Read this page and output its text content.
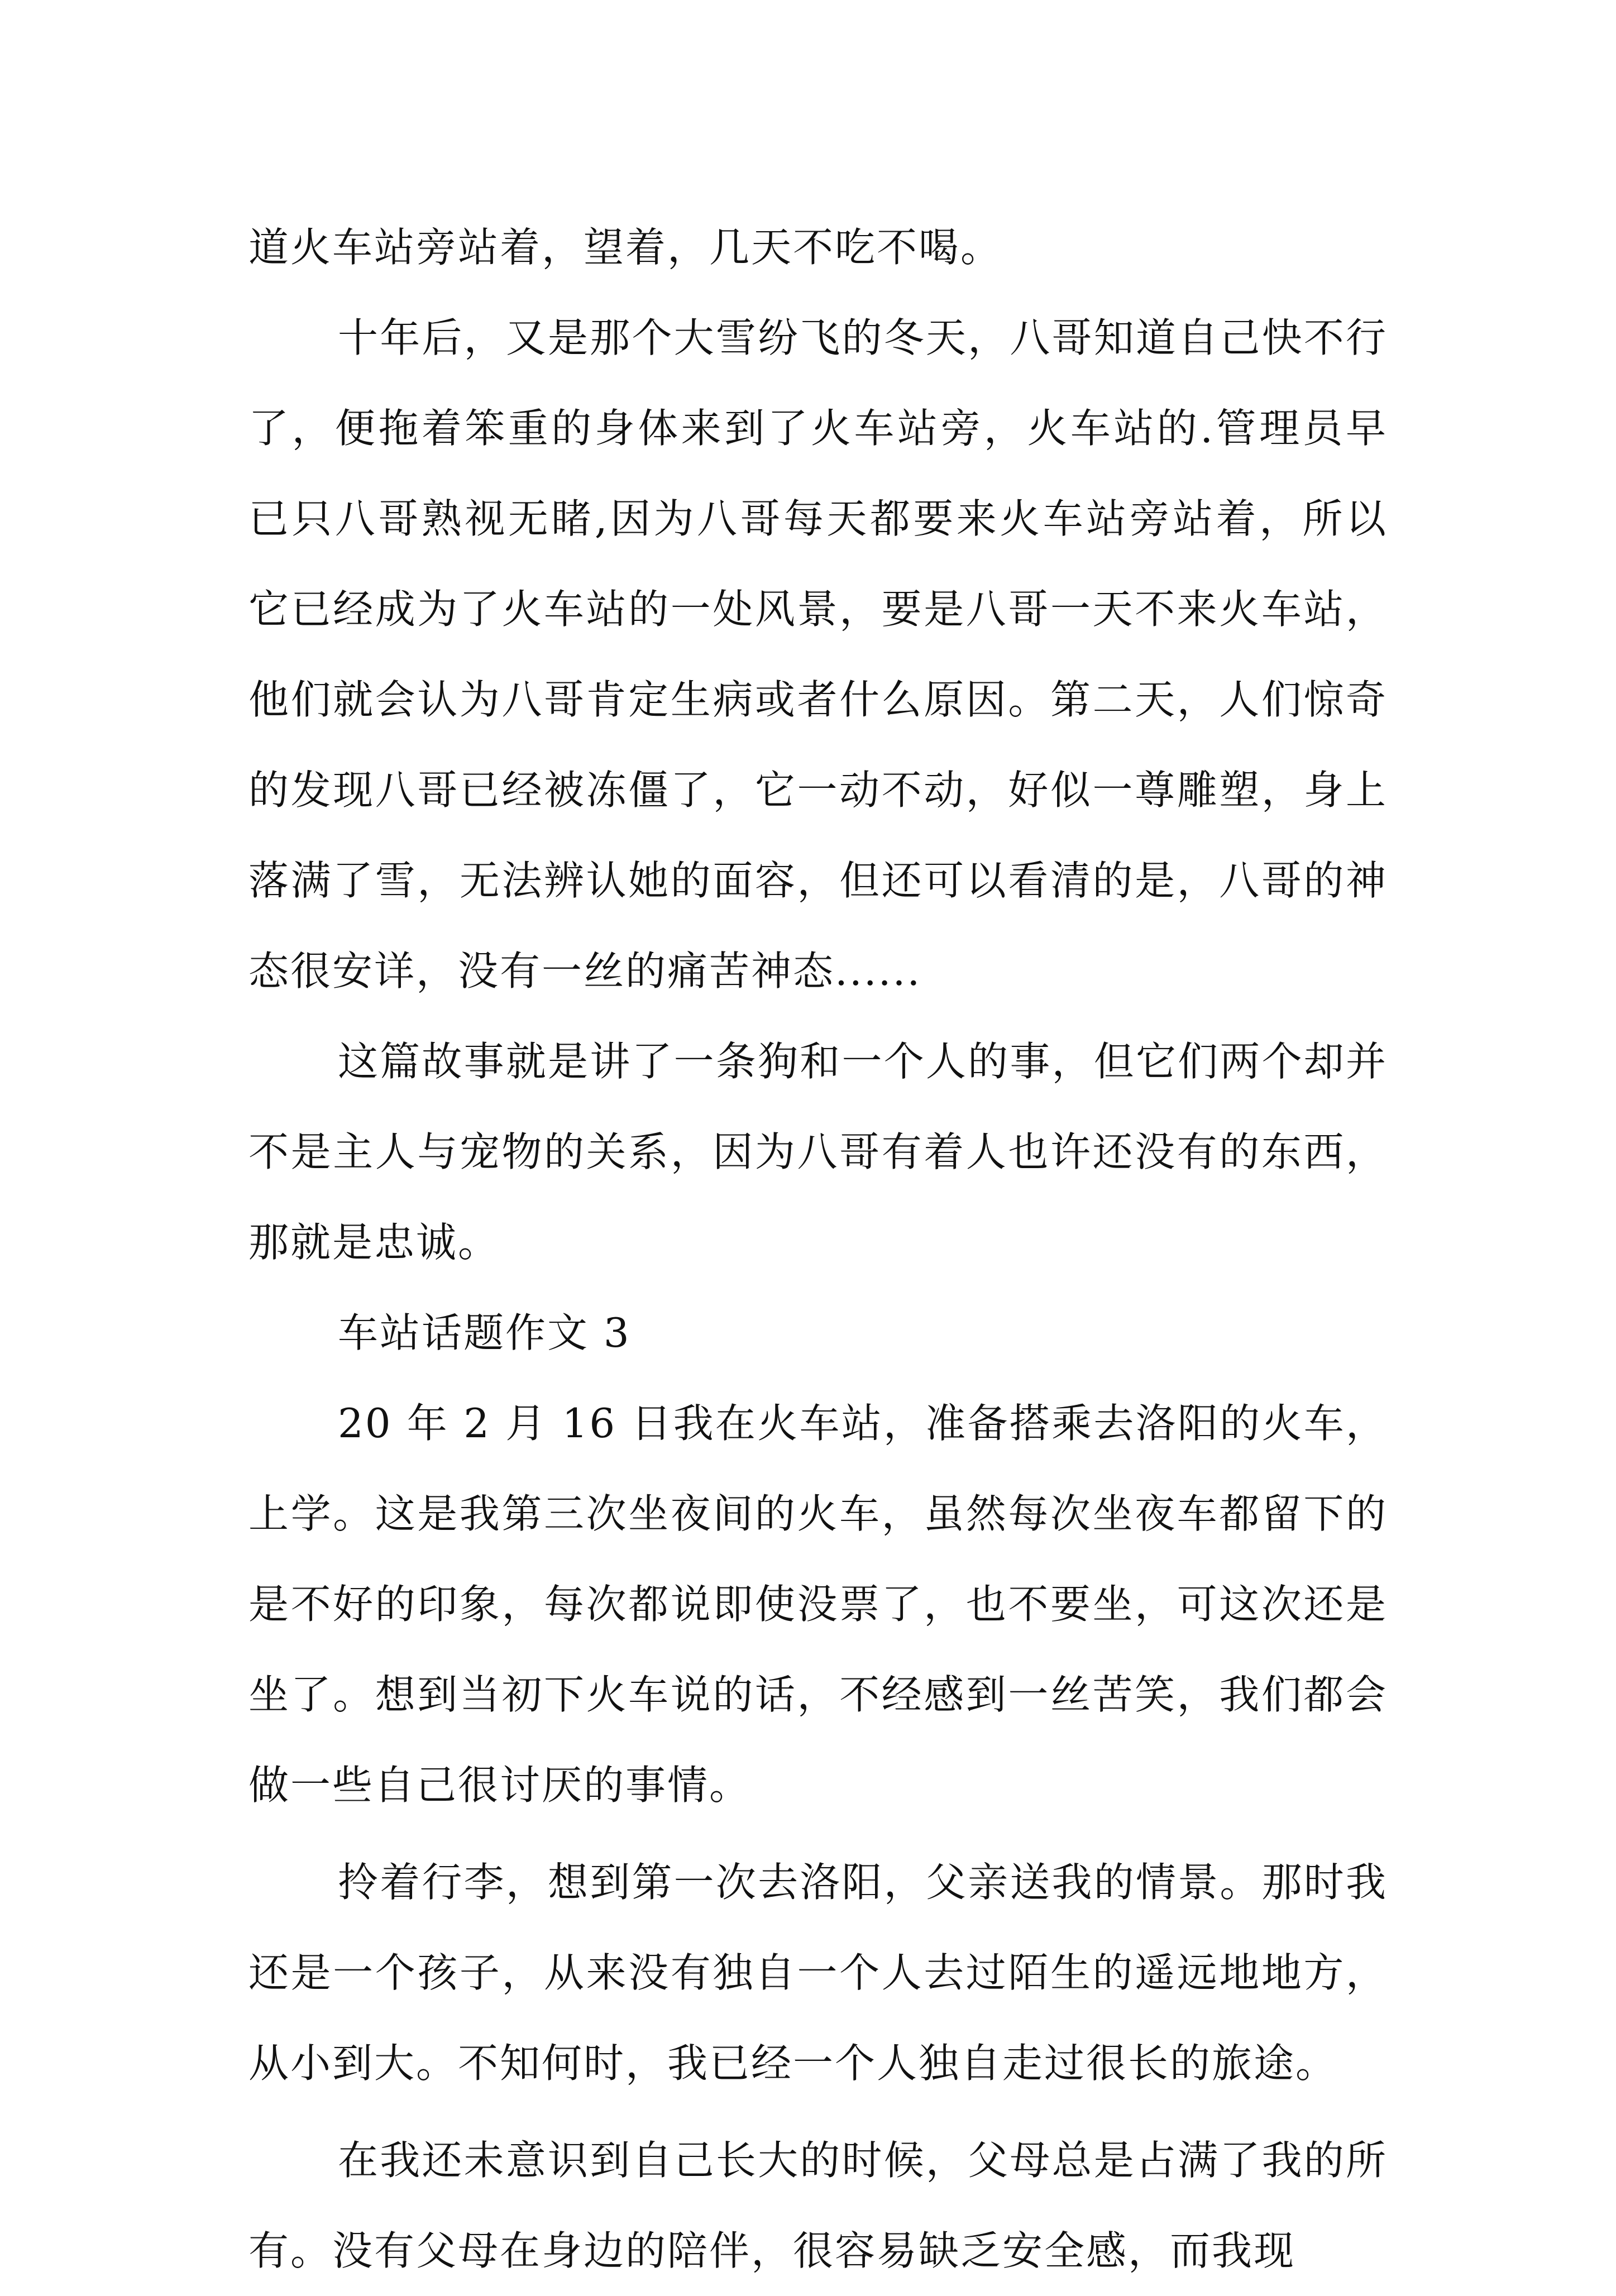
道火车站旁站着，望着，几天不吃不喝。

十年后，又是那个大雪纷飞的冬天，八哥知道自己快不行了，便拖着笨重的身体来到了火车站旁，火车站的.管理员早已只八哥熟视无睹,因为八哥每天都要来火车站旁站着，所以它已经成为了火车站的一处风景，要是八哥一天不来火车站，他们就会认为八哥肯定生病或者什么原因。第二天，人们惊奇的发现八哥已经被冻僵了，它一动不动，好似一尊雕塑，身上落满了雪，无法辨认她的面容，但还可以看清的是，八哥的神态很安详，没有一丝的痛苦神态......

这篇故事就是讲了一条狗和一个人的事，但它们两个却并不是主人与宠物的关系，因为八哥有着人也许还没有的东西，那就是忠诚。

车站话题作文 3

20 年 2 月 16 日我在火车站，准备搭乘去洛阳的火车，上学。这是我第三次坐夜间的火车，虽然每次坐夜车都留下的是不好的印象，每次都说即使没票了，也不要坐，可这次还是坐了。想到当初下火车说的话，不经感到一丝苦笑，我们都会做一些自己很讨厌的事情。

拎着行李，想到第一次去洛阳，父亲送我的情景。那时我还是一个孩子，从来没有独自一个人去过陌生的遥远地地方，从小到大。不知何时，我已经一个人独自走过很长的旅途。

在我还未意识到自己长大的时候，父母总是占满了我的所有。没有父母在身边的陪伴，很容易缺乏安全感，而我现
